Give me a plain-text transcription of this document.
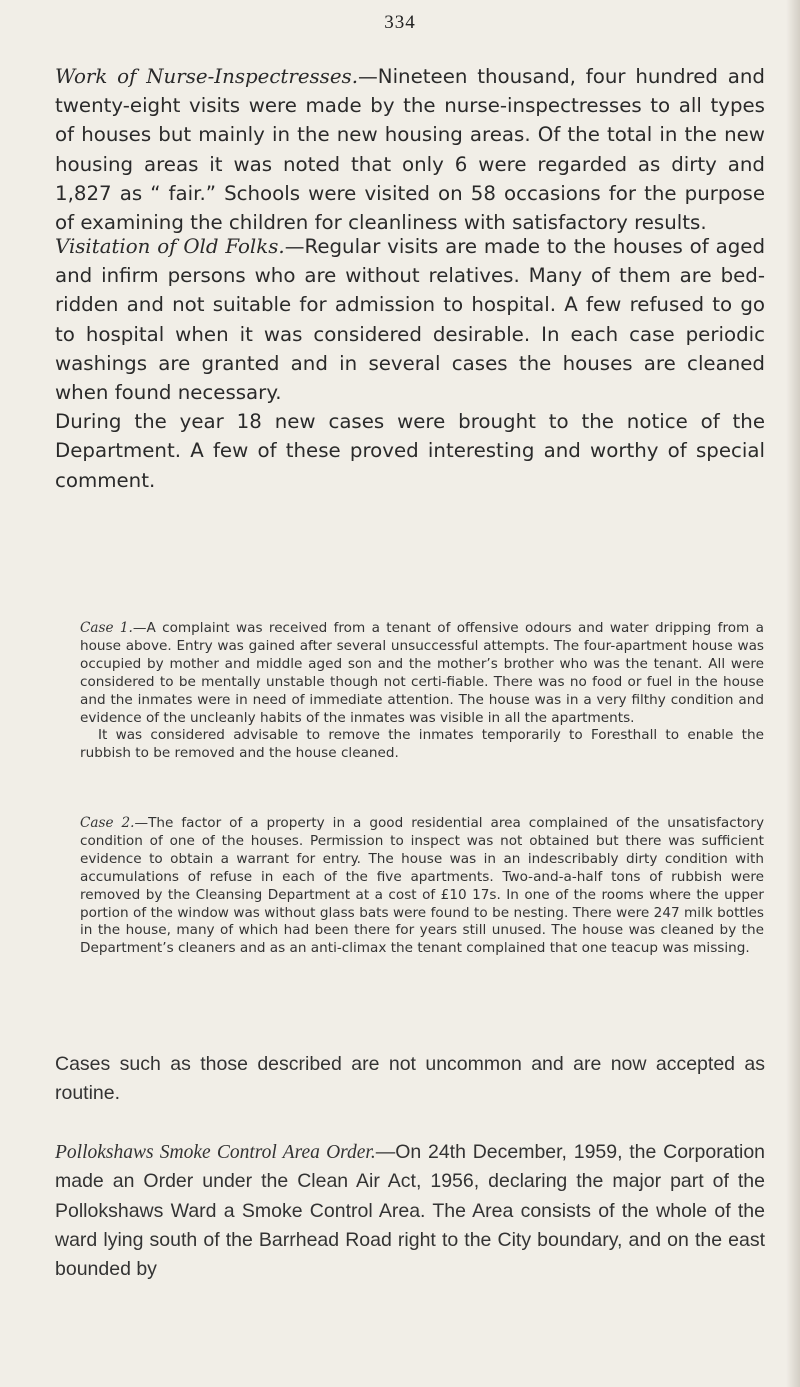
334

Work of Nurse-Inspectresses.—Nineteen thousand, four hundred and twenty-eight visits were made by the nurse-inspectresses to all types of houses but mainly in the new housing areas. Of the total in the new housing areas it was noted that only 6 were regarded as dirty and 1,827 as “ fair.” Schools were visited on 58 occasions for the purpose of examining the children for cleanliness with satisfactory results.

Visitation of Old Folks.—Regular visits are made to the houses of aged and infirm persons who are without relatives. Many of them are bed-ridden and not suitable for admission to hospital. A few refused to go to hospital when it was considered desirable. In each case periodic washings are granted and in several cases the houses are cleaned when found necessary.

During the year 18 new cases were brought to the notice of the Department. A few of these proved interesting and worthy of special comment.

Case 1.—A complaint was received from a tenant of offensive odours and water dripping from a house above. Entry was gained after several unsuccessful attempts. The four-apartment house was occupied by mother and middle aged son and the mother’s brother who was the tenant. All were considered to be mentally unstable though not certi-fiable. There was no food or fuel in the house and the inmates were in need of immediate attention. The house was in a very filthy condition and evidence of the uncleanly habits of the inmates was visible in all the apartments.

It was considered advisable to remove the inmates temporarily to Foresthall to enable the rubbish to be removed and the house cleaned.

Case 2.—The factor of a property in a good residential area complained of the unsatisfactory condition of one of the houses. Permission to inspect was not obtained but there was sufficient evidence to obtain a warrant for entry. The house was in an indescribably dirty condition with accumulations of refuse in each of the five apartments. Two-and-a-half tons of rubbish were removed by the Cleansing Department at a cost of £10 17s. In one of the rooms where the upper portion of the window was without glass bats were found to be nesting. There were 247 milk bottles in the house, many of which had been there for years still unused. The house was cleaned by the Department’s cleaners and as an anti-climax the tenant complained that one teacup was missing.

Cases such as those described are not uncommon and are now accepted as routine.

Pollokshaws Smoke Control Area Order.—On 24th December, 1959, the Corporation made an Order under the Clean Air Act, 1956, declaring the major part of the Pollokshaws Ward a Smoke Control Area. The Area consists of the whole of the ward lying south of the Barrhead Road right to the City boundary, and on the east bounded by
